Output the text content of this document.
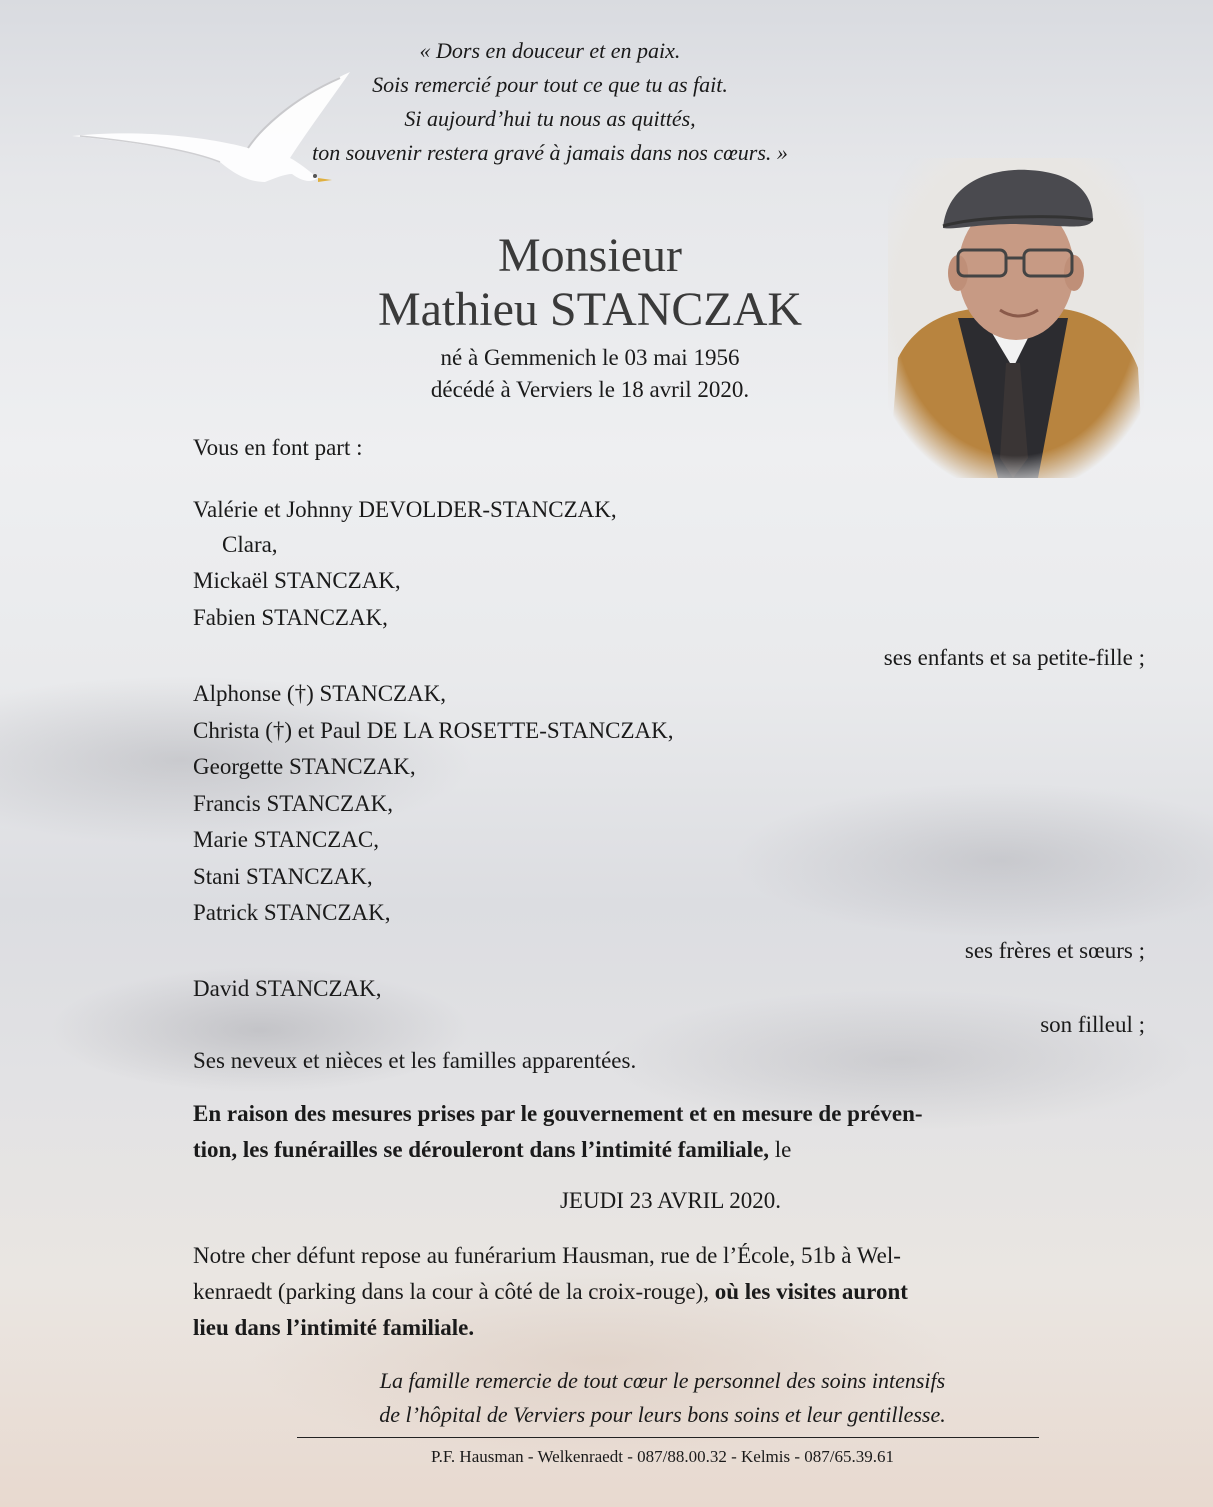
« Dors en douceur et en paix.
Sois remercié pour tout ce que tu as fait.
Si aujourd’hui tu nous as quittés,
ton souvenir restera gravé à jamais dans nos cœurs. »
Monsieur
Mathieu STANCZAK
né à Gemmenich le 03 mai 1956
décédé à Verviers le 18 avril 2020.
Vous en font part :
Valérie et Johnny DEVOLDER-STANCZAK,
Clara,
Mickaël STANCZAK,
Fabien STANCZAK,
ses enfants et sa petite-fille ;
Alphonse (†) STANCZAK,
Christa (†) et Paul DE LA ROSETTE-STANCZAK,
Georgette STANCZAK,
Francis STANCZAK,
Marie STANCZAC,
Stani STANCZAK,
Patrick STANCZAK,
ses frères et sœurs ;
David STANCZAK,
son filleul ;
Ses neveux et nièces et les familles apparentées.
En raison des mesures prises par le gouvernement et en mesure de préven-
tion, les funérailles se dérouleront dans l’intimité familiale, le
JEUDI 23 AVRIL 2020.
Notre cher défunt repose au funérarium Hausman, rue de l’École, 51b à Wel-
kenraedt (parking dans la cour à côté de la croix-rouge), où les visites auront
lieu dans l’intimité familiale.
La famille remercie de tout cœur le personnel des soins intensifs
de l’hôpital de Verviers pour leurs bons soins et leur gentillesse.
P.F. Hausman - Welkenraedt - 087/88.00.32 - Kelmis - 087/65.39.61
